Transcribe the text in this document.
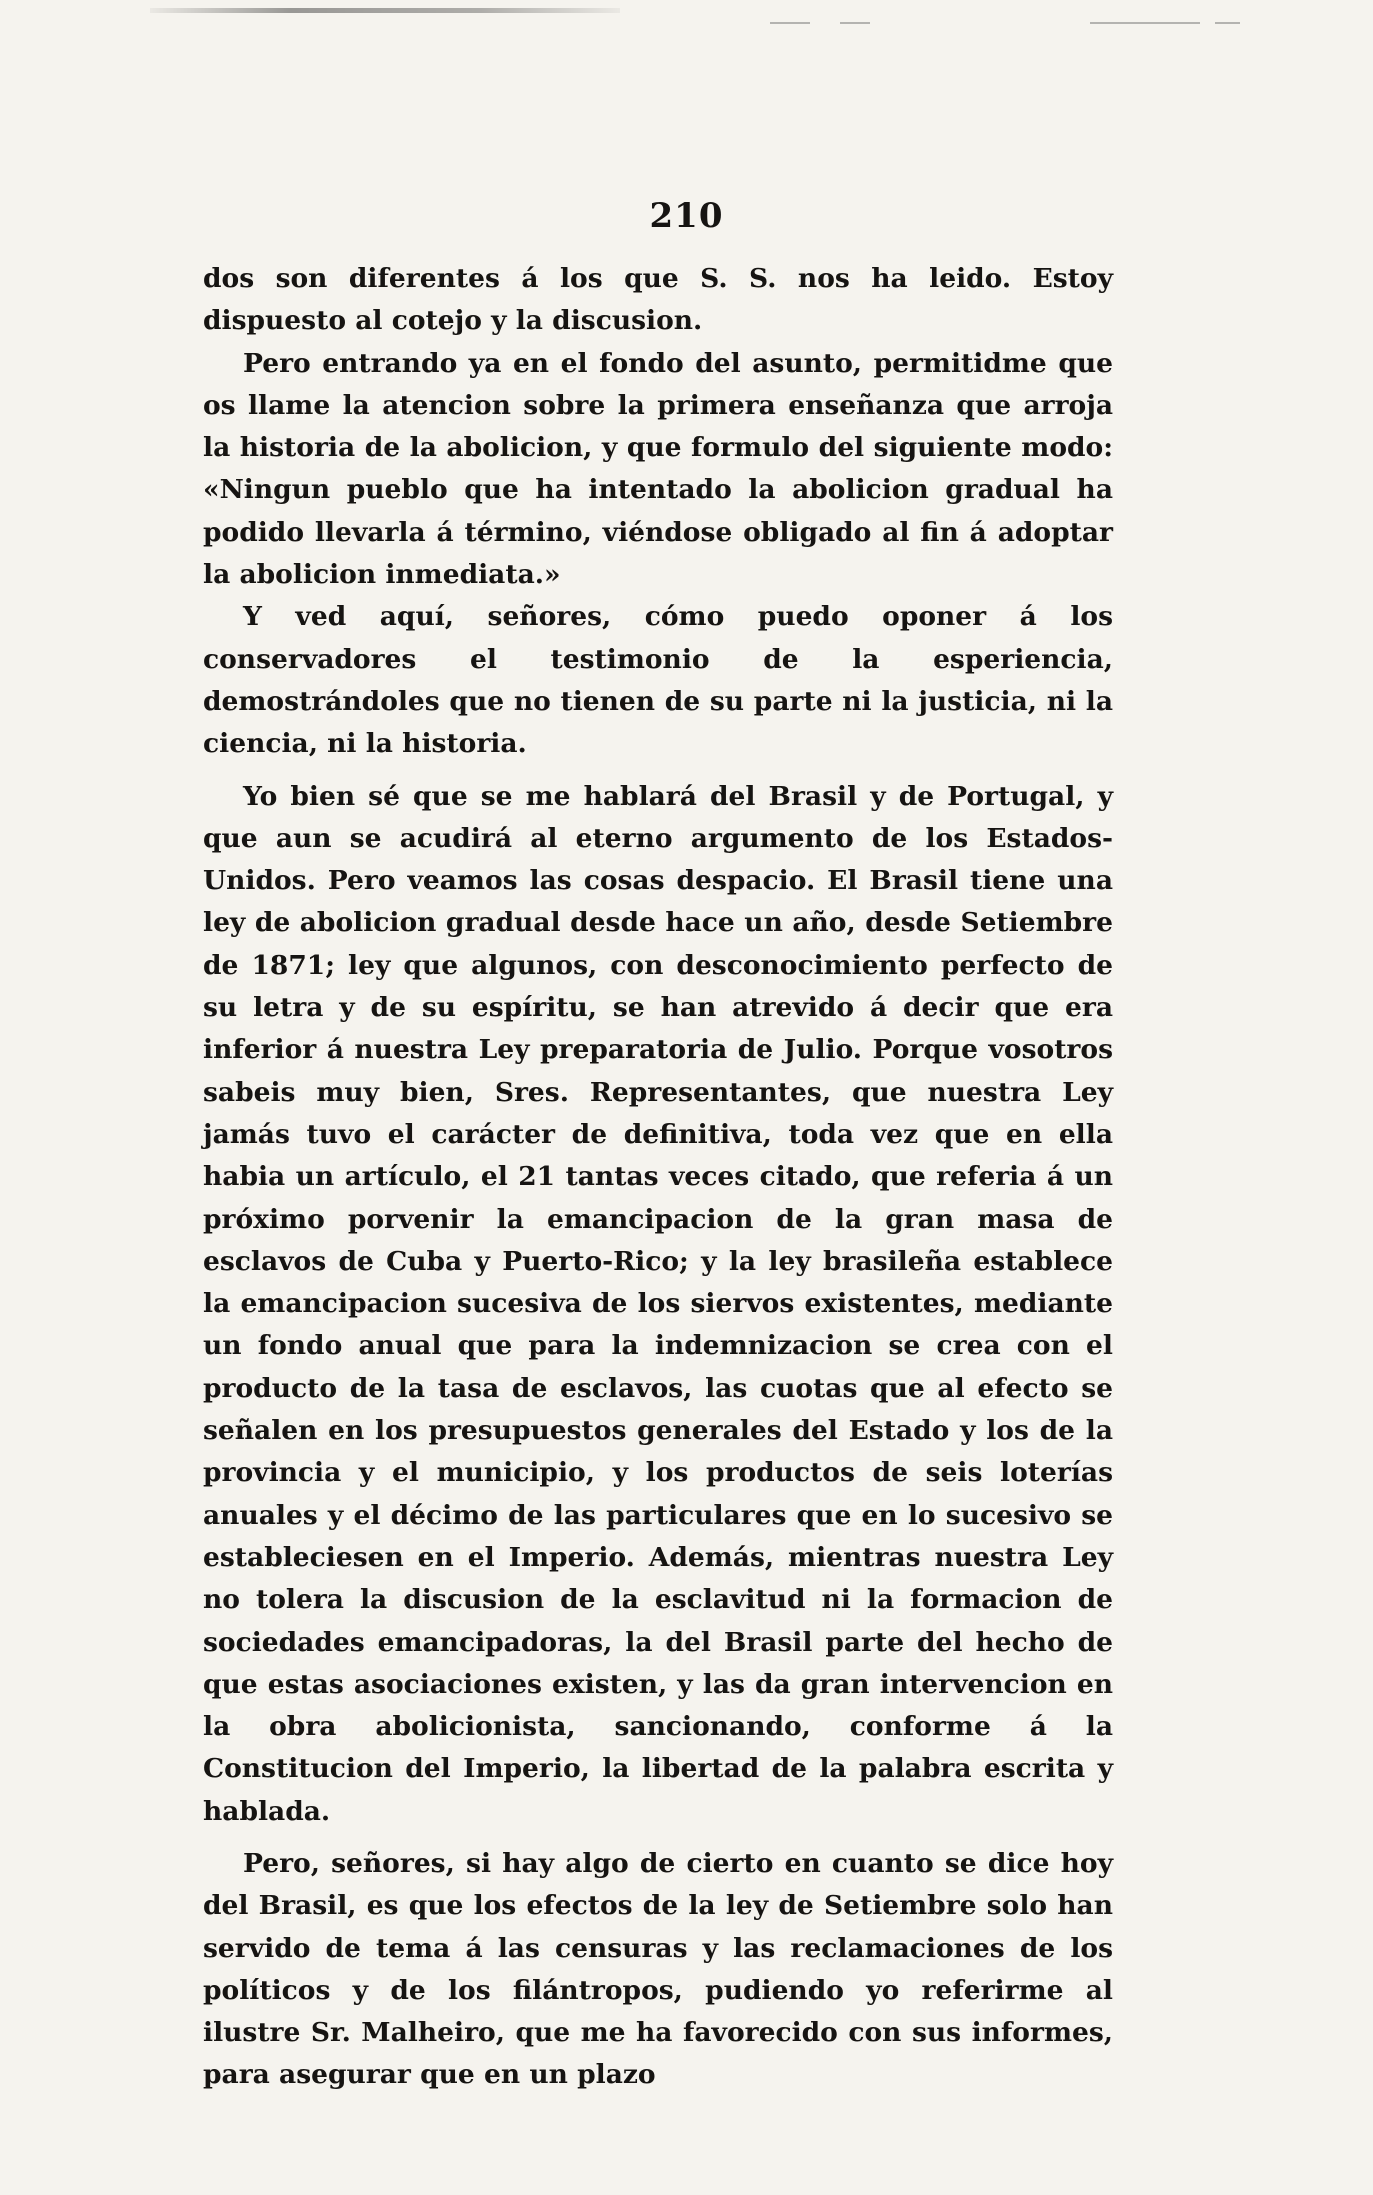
210

dos son diferentes á los que S. S. nos ha leido. Estoy dispuesto al cotejo y la discusion.

Pero entrando ya en el fondo del asunto, permitidme que os llame la atencion sobre la primera enseñanza que arroja la historia de la abolicion, y que formulo del siguiente modo: «Ningun pueblo que ha intentado la abolicion gradual ha podido llevarla á término, viéndose obligado al fin á adoptar la abolicion inmediata.»

Y ved aquí, señores, cómo puedo oponer á los conservadores el testimonio de la esperiencia, demostrándoles que no tienen de su parte ni la justicia, ni la ciencia, ni la historia.

Yo bien sé que se me hablará del Brasil y de Portugal, y que aun se acudirá al eterno argumento de los Estados-Unidos. Pero veamos las cosas despacio. El Brasil tiene una ley de abolicion gradual desde hace un año, desde Setiembre de 1871; ley que algunos, con desconocimiento perfecto de su letra y de su espíritu, se han atrevido á decir que era inferior á nuestra Ley preparatoria de Julio. Porque vosotros sabeis muy bien, Sres. Representantes, que nuestra Ley jamás tuvo el carácter de definitiva, toda vez que en ella habia un artículo, el 21 tantas veces citado, que referia á un próximo porvenir la emancipacion de la gran masa de esclavos de Cuba y Puerto-Rico; y la ley brasileña establece la emancipacion sucesiva de los siervos existentes, mediante un fondo anual que para la indemnizacion se crea con el producto de la tasa de esclavos, las cuotas que al efecto se señalen en los presupuestos generales del Estado y los de la provincia y el municipio, y los productos de seis loterías anuales y el décimo de las particulares que en lo sucesivo se estableciesen en el Imperio. Además, mientras nuestra Ley no tolera la discusion de la esclavitud ni la formacion de sociedades emancipadoras, la del Brasil parte del hecho de que estas asociaciones existen, y las da gran intervencion en la obra abolicionista, sancionando, conforme á la Constitucion del Imperio, la libertad de la palabra escrita y hablada.

Pero, señores, si hay algo de cierto en cuanto se dice hoy del Brasil, es que los efectos de la ley de Setiembre solo han servido de tema á las censuras y las reclamaciones de los políticos y de los filántropos, pudiendo yo referirme al ilustre Sr. Malheiro, que me ha favorecido con sus informes, para asegurar que en un plazo
